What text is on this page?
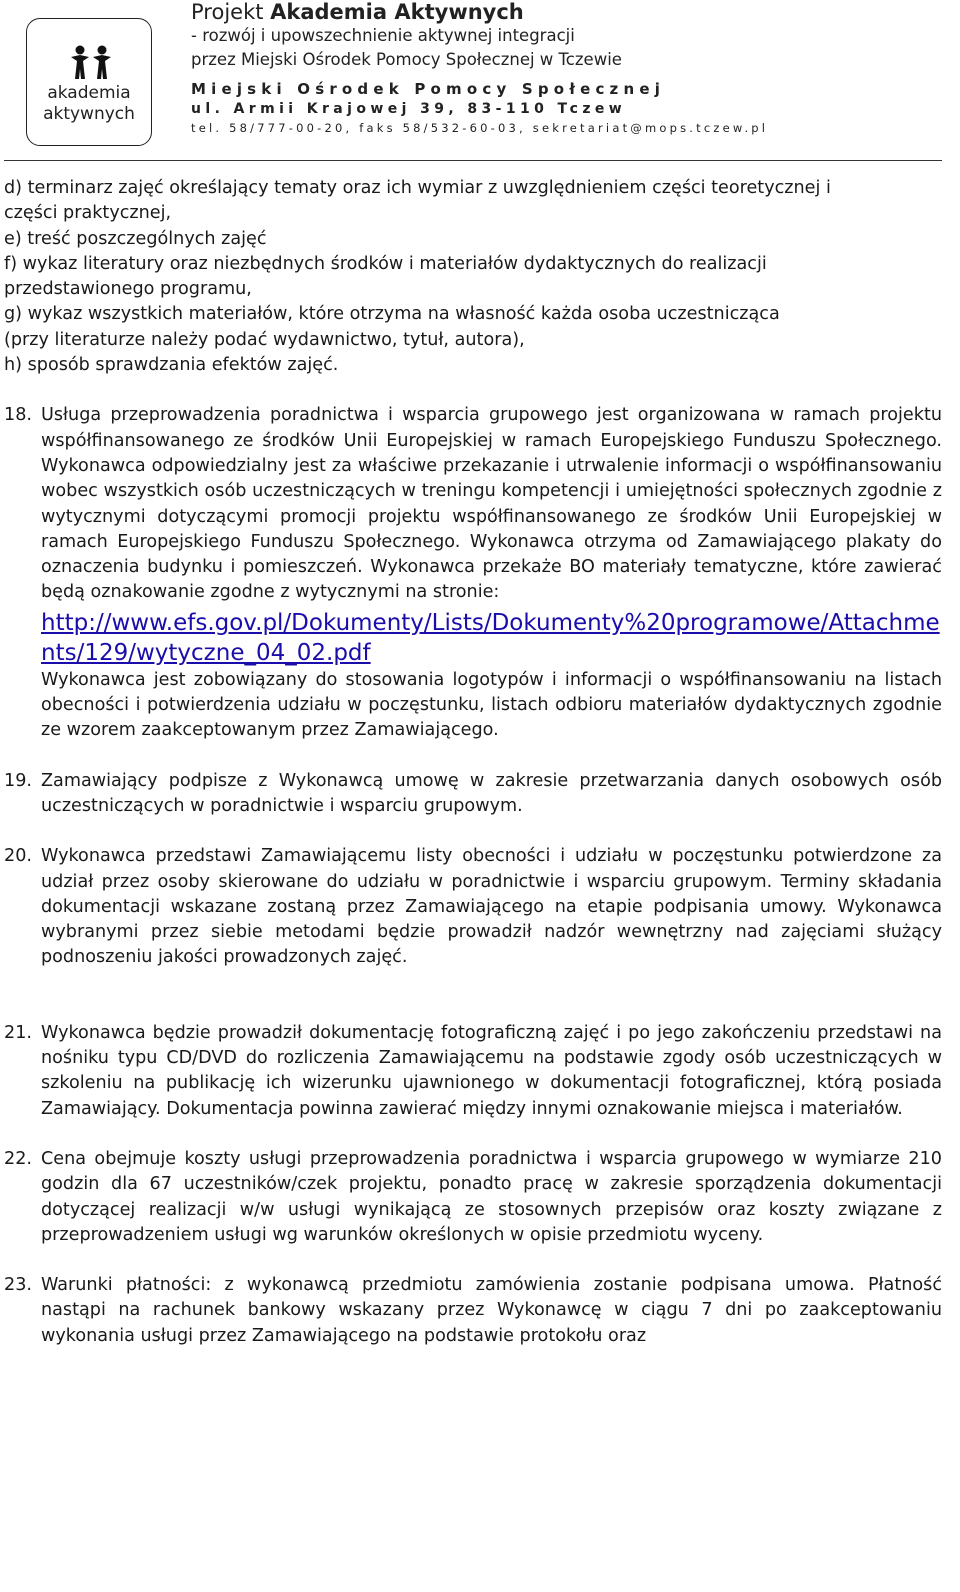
akademia
aktywnych
Projekt Akademia Aktywnych
- rozwój i upowszechnienie aktywnej integracji
przez Miejski Ośrodek Pomocy Społecznej w Tczewie
Miejski Ośrodek Pomocy Społecznej
ul. Armii Krajowej 39, 83-110 Tczew
tel. 58/777-00-20, faks 58/532-60-03, sekretariat@mops.tczew.pl
d) terminarz zajęć określający tematy oraz ich wymiar z uwzględnieniem części teoretycznej i
części praktycznej,
e) treść poszczególnych zajęć
f) wykaz literatury oraz niezbędnych środków i materiałów dydaktycznych do realizacji
przedstawionego programu,
g) wykaz wszystkich materiałów, które otrzyma na własność każda osoba uczestnicząca
(przy literaturze należy podać wydawnictwo, tytuł, autora),
h) sposób sprawdzania efektów zajęć.
18. Usługa przeprowadzenia poradnictwa i wsparcia grupowego jest organizowana w ramach projektu współfinansowanego ze środków Unii Europejskiej w ramach Europejskiego Funduszu Społecznego. Wykonawca odpowiedzialny jest za właściwe przekazanie i utrwalenie informacji o współfinansowaniu wobec wszystkich osób uczestniczących w treningu kompetencji i umiejętności społecznych zgodnie z wytycznymi dotyczącymi promocji projektu współfinansowanego ze środków Unii Europejskiej w ramach Europejskiego Funduszu Społecznego. Wykonawca otrzyma od Zamawiającego plakaty do oznaczenia budynku i pomieszczeń. Wykonawca przekaże BO materiały tematyczne, które zawierać będą oznakowanie zgodne z wytycznymi na stronie:

http://www.efs.gov.pl/Dokumenty/Lists/Dokumenty%20programowe/Attachments/129/wytyczne_04_02.pdf

Wykonawca jest zobowiązany do stosowania logotypów i informacji o współfinansowaniu na listach obecności i potwierdzenia udziału w poczęstunku, listach odbioru materiałów dydaktycznych zgodnie ze wzorem zaakceptowanym przez Zamawiającego.

19. Zamawiający podpisze z Wykonawcą umowę w zakresie przetwarzania danych osobowych osób uczestniczących w poradnictwie i wsparciu grupowym.

20. Wykonawca przedstawi Zamawiającemu listy obecności i udziału w poczęstunku potwierdzone za udział przez osoby skierowane do udziału w poradnictwie i wsparciu grupowym. Terminy składania dokumentacji wskazane zostaną przez Zamawiającego na etapie podpisania umowy. Wykonawca wybranymi przez siebie metodami będzie prowadził nadzór wewnętrzny nad zajęciami służący podnoszeniu jakości prowadzonych zajęć.

21. Wykonawca będzie prowadził dokumentację fotograficzną zajęć i po jego zakończeniu przedstawi na nośniku typu CD/DVD do rozliczenia Zamawiającemu na podstawie zgody osób uczestniczących w szkoleniu na publikację ich wizerunku ujawnionego w dokumentacji fotograficznej, którą posiada Zamawiający. Dokumentacja powinna zawierać między innymi oznakowanie miejsca i materiałów.

22. Cena obejmuje koszty usługi przeprowadzenia poradnictwa i wsparcia grupowego w wymiarze 210 godzin dla 67 uczestników/czek projektu, ponadto pracę w zakresie sporządzenia dokumentacji dotyczącej realizacji w/w usługi wynikającą ze stosownych przepisów oraz koszty związane z przeprowadzeniem usługi wg warunków określonych w opisie przedmiotu wyceny.

23. Warunki płatności: z wykonawcą przedmiotu zamówienia zostanie podpisana umowa. Płatność nastąpi na rachunek bankowy wskazany przez Wykonawcę w ciągu 7 dni po zaakceptowaniu wykonania usługi przez Zamawiającego na podstawie protokołu oraz
